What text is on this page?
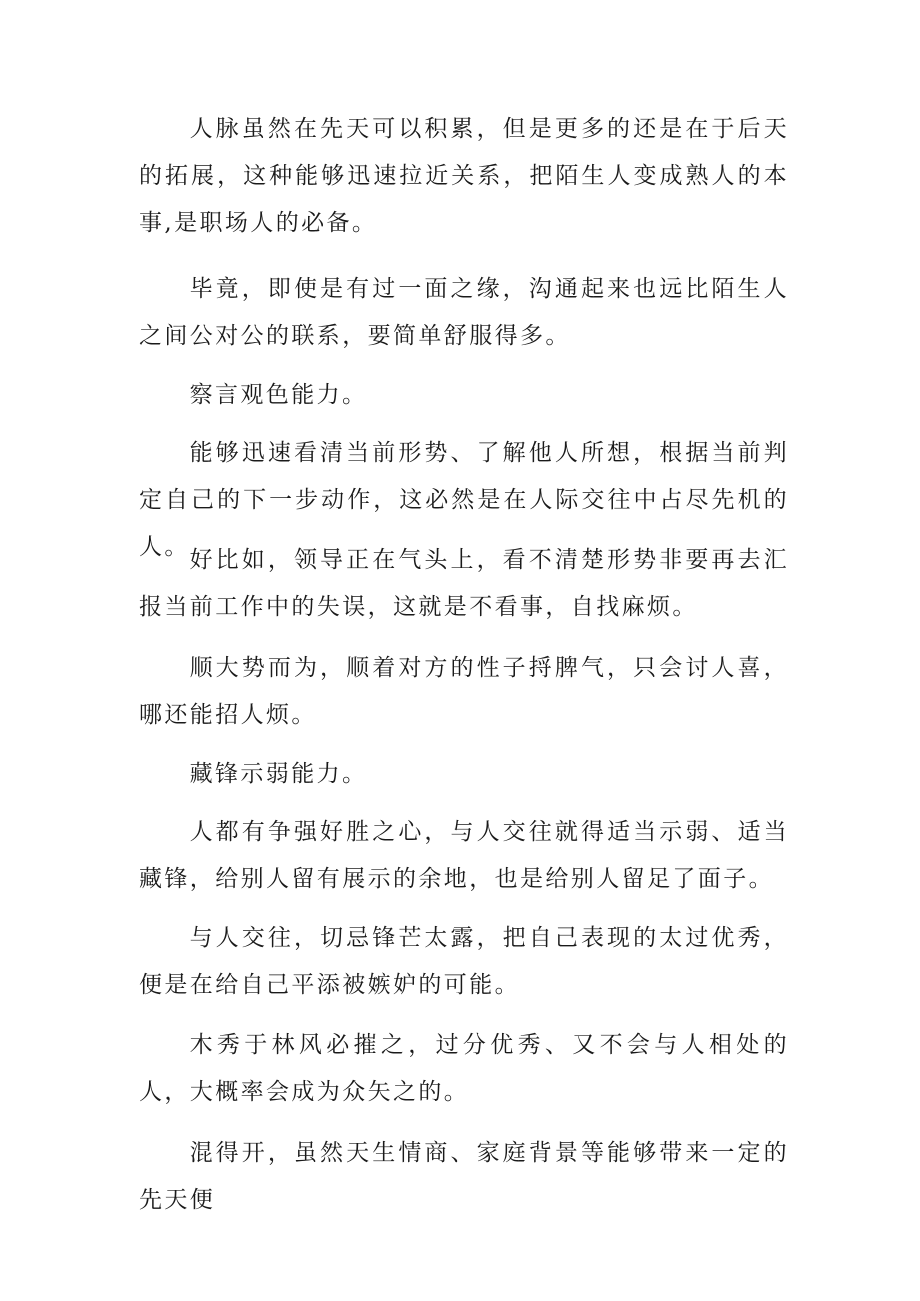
人脉虽然在先天可以积累，但是更多的还是在于后天的拓展，这种能够迅速拉近关系，把陌生人变成熟人的本事,是职场人的必备。

毕竟，即使是有过一面之缘，沟通起来也远比陌生人之间公对公的联系，要简单舒服得多。

察言观色能力。

能够迅速看清当前形势、了解他人所想，根据当前判定自己的下一步动作，这必然是在人际交往中占尽先机的人。 好比如，领导正在气头上，看不清楚形势非要再去汇报当前工作中的失误，这就是不看事，自找麻烦。

顺大势而为，顺着对方的性子捋脾气，只会讨人喜，哪还能招人烦。

藏锋示弱能力。

人都有争强好胜之心，与人交往就得适当示弱、适当藏锋，给别人留有展示的余地，也是给别人留足了面子。

与人交往，切忌锋芒太露，把自己表现的太过优秀，便是在给自己平添被嫉妒的可能。

木秀于林风必摧之，过分优秀、又不会与人相处的人，大概率会成为众矢之的。

混得开，虽然天生情商、家庭背景等能够带来一定的先天便
